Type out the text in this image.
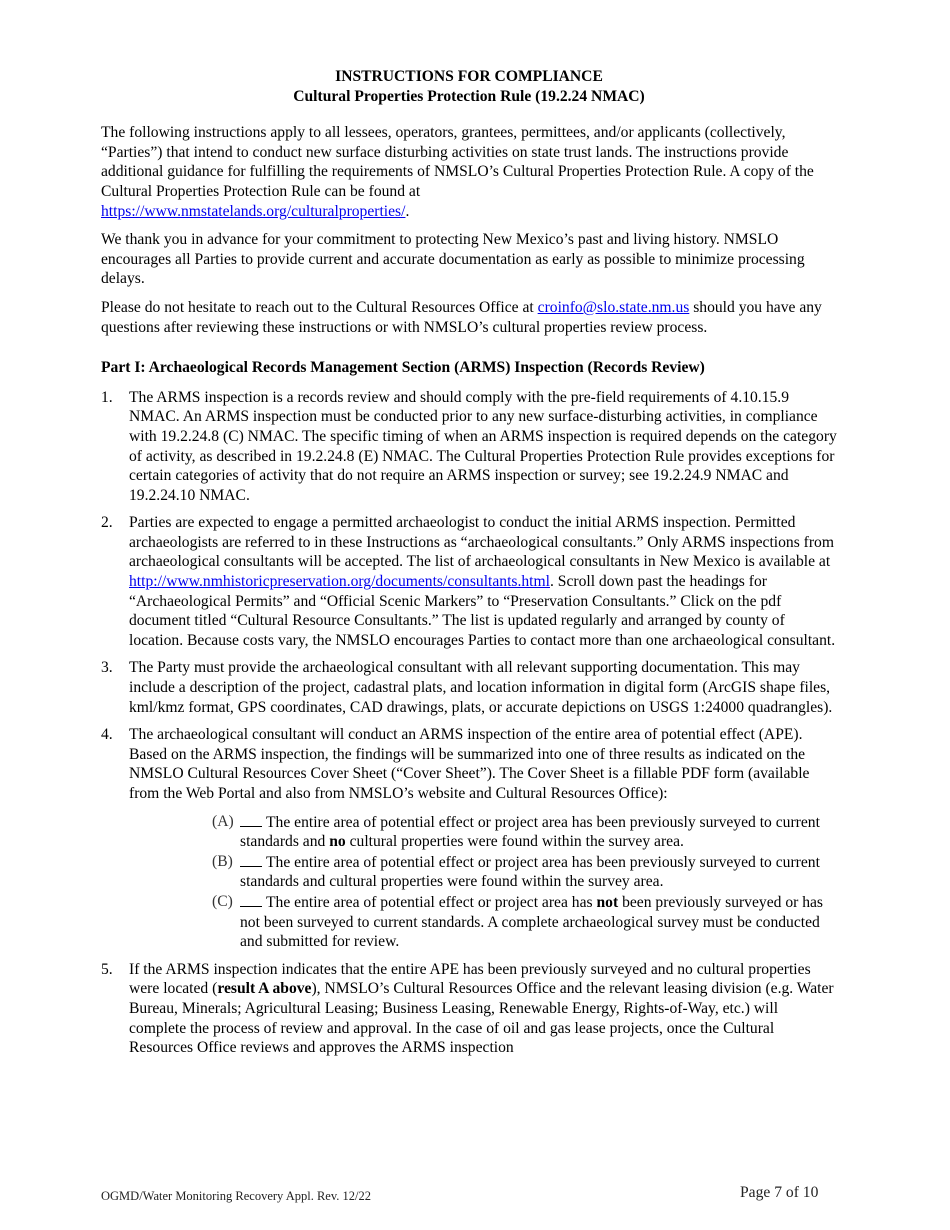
INSTRUCTIONS FOR COMPLIANCE

Cultural Properties Protection Rule (19.2.24 NMAC)

The following instructions apply to all lessees, operators, grantees, permittees, and/or applicants (collectively, “Parties”) that intend to conduct new surface disturbing activities on state trust lands. The instructions provide additional guidance for fulfilling the requirements of NMSLO’s Cultural Properties Protection Rule. A copy of the Cultural Properties Protection Rule can be found at
https://www.nmstatelands.org/culturalproperties/.

We thank you in advance for your commitment to protecting New Mexico’s past and living history. NMSLO encourages all Parties to provide current and accurate documentation as early as possible to minimize processing delays.

Please do not hesitate to reach out to the Cultural Resources Office at croinfo@slo.state.nm.us should you have any questions after reviewing these instructions or with NMSLO’s cultural properties review process.

Part I: Archaeological Records Management Section (ARMS) Inspection (Records Review)

1. The ARMS inspection is a records review and should comply with the pre-field requirements of 4.10.15.9 NMAC. An ARMS inspection must be conducted prior to any new surface-disturbing activities, in compliance with 19.2.24.8 (C) NMAC. The specific timing of when an ARMS inspection is required depends on the category of activity, as described in 19.2.24.8 (E) NMAC. The Cultural Properties Protection Rule provides exceptions for certain categories of activity that do not require an ARMS inspection or survey; see 19.2.24.9 NMAC and 19.2.24.10 NMAC.
2. Parties are expected to engage a permitted archaeologist to conduct the initial ARMS inspection. Permitted archaeologists are referred to in these Instructions as “archaeological consultants.” Only ARMS inspections from archaeological consultants will be accepted. The list of archaeological consultants in New Mexico is available at
http://www.nmhistoricpreservation.org/documents/consultants.html. Scroll down past the headings for “Archaeological Permits” and “Official Scenic Markers” to “Preservation Consultants.” Click on the pdf document titled “Cultural Resource Consultants.” The list is updated regularly and arranged by county of location. Because costs vary, the NMSLO encourages Parties to contact more than one archaeological consultant.
3. The Party must provide the archaeological consultant with all relevant supporting documentation. This may include a description of the project, cadastral plats, and location information in digital form (ArcGIS shape files, kml/kmz format, GPS coordinates, CAD drawings, plats, or accurate depictions on USGS 1:24000 quadrangles).
4. The archaeological consultant will conduct an ARMS inspection of the entire area of potential effect (APE). Based on the ARMS inspection, the findings will be summarized into one of three results as indicated on the NMSLO Cultural Resources Cover Sheet (“Cover Sheet”). The Cover Sheet is a fillable PDF form (available from the Web Portal and also from NMSLO’s website and Cultural Resources Office):
(A) The entire area of potential effect or project area has been previously surveyed to current standards and no cultural properties were found within the survey area.
(B) The entire area of potential effect or project area has been previously surveyed to current standards and cultural properties were found within the survey area.
(C) The entire area of potential effect or project area has not been previously surveyed or has not been surveyed to current standards. A complete archaeological survey must be conducted and submitted for review.
5. If the ARMS inspection indicates that the entire APE has been previously surveyed and no cultural properties were located (result A above), NMSLO’s Cultural Resources Office and the relevant leasing division (e.g. Water Bureau, Minerals; Agricultural Leasing; Business Leasing, Renewable Energy, Rights-of-Way, etc.) will complete the process of review and approval. In the case of oil and gas lease projects, once the Cultural Resources Office reviews and approves the ARMS inspection
OGMD/Water Monitoring Recovery Appl. Rev. 12/22	Page 7 of 10
